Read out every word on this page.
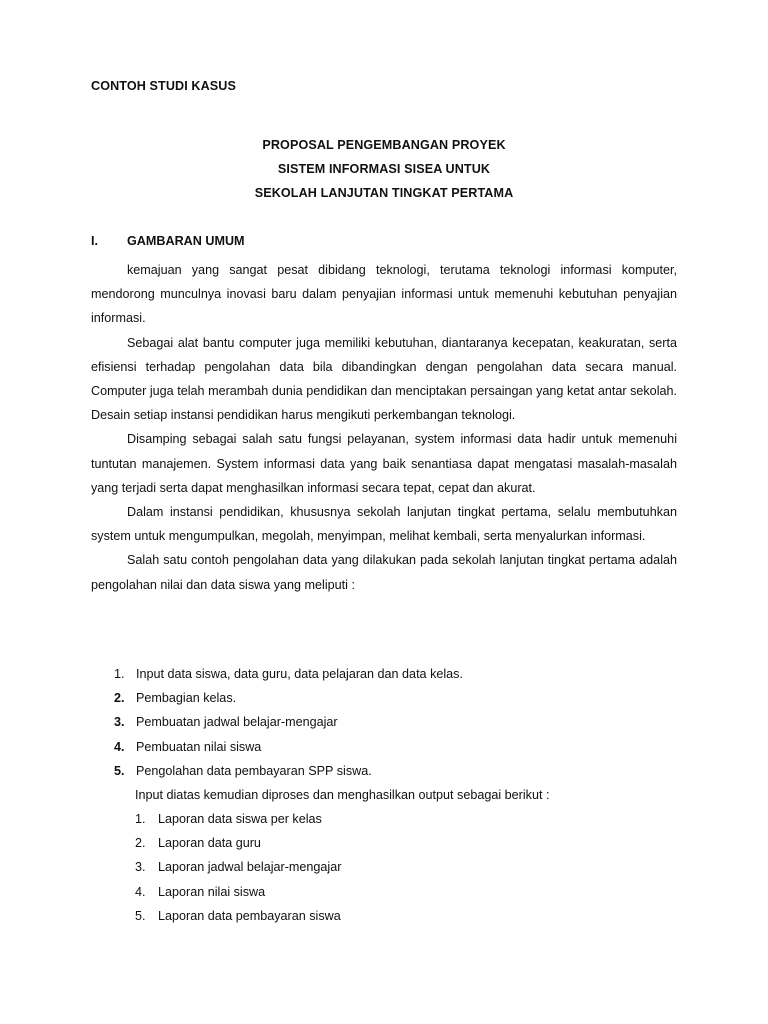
CONTOH STUDI KASUS
PROPOSAL PENGEMBANGAN PROYEK
SISTEM INFORMASI SISEA UNTUK
SEKOLAH LANJUTAN TINGKAT PERTAMA
I. GAMBARAN UMUM

kemajuan yang sangat pesat dibidang teknologi, terutama teknologi informasi komputer, mendorong munculnya inovasi baru dalam penyajian informasi untuk memenuhi kebutuhan penyajian informasi.

Sebagai alat bantu computer juga memiliki kebutuhan, diantaranya kecepatan, keakuratan, serta efisiensi terhadap pengolahan data bila dibandingkan dengan pengolahan data secara manual. Computer juga telah merambah dunia pendidikan dan menciptakan persaingan yang ketat antar sekolah. Desain setiap instansi pendidikan harus mengikuti perkembangan teknologi.

Disamping sebagai salah satu fungsi pelayanan, system informasi data hadir untuk memenuhi tuntutan manajemen. System informasi data yang baik senantiasa dapat mengatasi masalah-masalah yang terjadi serta dapat menghasilkan informasi secara tepat, cepat dan akurat.

Dalam instansi pendidikan, khususnya sekolah lanjutan tingkat pertama, selalu membutuhkan system untuk mengumpulkan, megolah, menyimpan, melihat kembali, serta menyalurkan informasi.

Salah satu contoh pengolahan data yang dilakukan pada sekolah lanjutan tingkat pertama adalah pengolahan nilai dan data siswa yang meliputi :

1. Input data siswa, data guru, data pelajaran dan data kelas.
2. Pembagian kelas.
3. Pembuatan jadwal belajar-mengajar
4. Pembuatan nilai siswa
5. Pengolahan data pembayaran SPP siswa.
Input diatas kemudian diproses dan menghasilkan output sebagai berikut :
1. Laporan data siswa per kelas
2. Laporan data guru
3. Laporan jadwal belajar-mengajar
4. Laporan nilai siswa
5. Laporan data pembayaran siswa
